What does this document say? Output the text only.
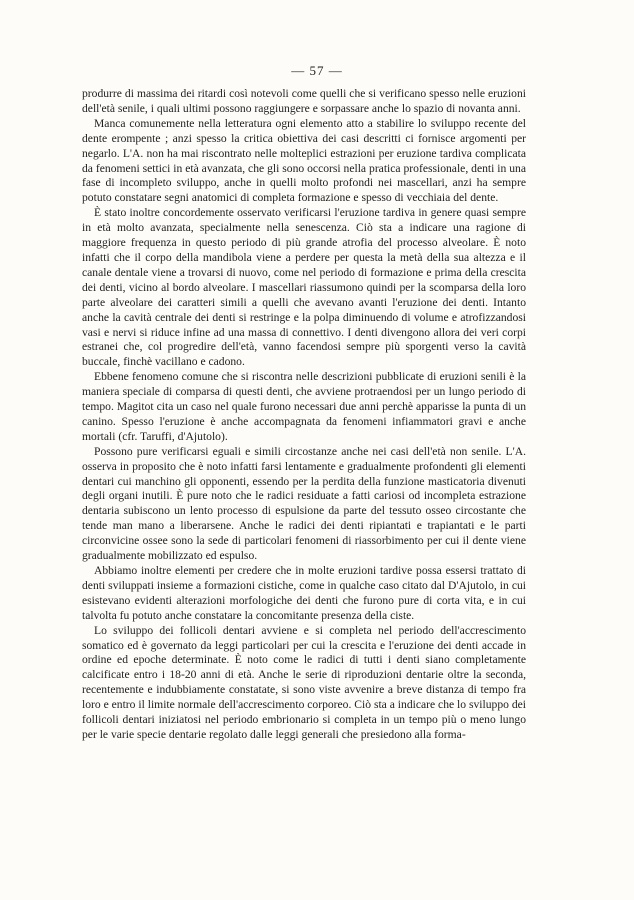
— 57 —

produrre di massima dei ritardi così notevoli come quelli che si verificano spesso nelle eruzioni dell'età senile, i quali ultimi possono raggiungere e sorpassare anche lo spazio di novanta anni.

Manca comunemente nella letteratura ogni elemento atto a stabilire lo sviluppo recente del dente erompente ; anzi spesso la critica obiettiva dei casi descritti ci fornisce argomenti per negarlo. L'A. non ha mai riscontrato nelle molteplici estrazioni per eruzione tardiva complicata da fenomeni settici in età avanzata, che gli sono occorsi nella pratica professionale, denti in una fase di incompleto sviluppo, anche in quelli molto profondi nei mascellari, anzi ha sempre potuto constatare segni anatomici di completa formazione e spesso di vecchiaia del dente.

È stato inoltre concordemente osservato verificarsi l'eruzione tardiva in genere quasi sempre in età molto avanzata, specialmente nella senescenza. Ciò sta a indicare una ragione di maggiore frequenza in questo periodo di più grande atrofia del processo alveolare. È noto infatti che il corpo della mandibola viene a perdere per questa la metà della sua altezza e il canale dentale viene a trovarsi di nuovo, come nel periodo di formazione e prima della crescita dei denti, vicino al bordo alveolare. I mascellari riassumono quindi per la scomparsa della loro parte alveolare dei caratteri simili a quelli che avevano avanti l'eruzione dei denti. Intanto anche la cavità centrale dei denti si restringe e la polpa diminuendo di volume e atrofizzandosi vasi e nervi si riduce infine ad una massa di connettivo. I denti divengono allora dei veri corpi estranei che, col progredire dell'età, vanno facendosi sempre più sporgenti verso la cavità buccale, finchè vacillano e cadono.

Ebbene fenomeno comune che si riscontra nelle descrizioni pubblicate di eruzioni senili è la maniera speciale di comparsa di questi denti, che avviene protraendosi per un lungo periodo di tempo. Magitot cita un caso nel quale furono necessari due anni perchè apparisse la punta di un canino. Spesso l'eruzione è anche accompagnata da fenomeni infiammatori gravi e anche mortali (cfr. Taruffi, d'Ajutolo).

Possono pure verificarsi eguali e simili circostanze anche nei casi dell'età non senile. L'A. osserva in proposito che è noto infatti farsi lentamente e gradualmente profondenti gli elementi dentari cui manchino gli opponenti, essendo per la perdita della funzione masticatoria divenuti degli organi inutili. È pure noto che le radici residuate a fatti cariosi od incompleta estrazione dentaria subiscono un lento processo di espulsione da parte del tessuto osseo circostante che tende man mano a liberarsene. Anche le radici dei denti ripiantati e trapiantati e le parti circonvicine ossee sono la sede di particolari fenomeni di riassorbimento per cui il dente viene gradualmente mobilizzato ed espulso.

Abbiamo inoltre elementi per credere che in molte eruzioni tardive possa essersi trattato di denti sviluppati insieme a formazioni cistiche, come in qualche caso citato dal D'Ajutolo, in cui esistevano evidenti alterazioni morfologiche dei denti che furono pure di corta vita, e in cui talvolta fu potuto anche constatare la concomitante presenza della ciste.

Lo sviluppo dei follicoli dentari avviene e si completa nel periodo dell'accrescimento somatico ed è governato da leggi particolari per cui la crescita e l'eruzione dei denti accade in ordine ed epoche determinate. È noto come le radici di tutti i denti siano completamente calcificate entro i 18-20 anni di età. Anche le serie di riproduzioni dentarie oltre la seconda, recentemente e indubbiamente constatate, si sono viste avvenire a breve distanza di tempo fra loro e entro il limite normale dell'accrescimento corporeo. Ciò sta a indicare che lo sviluppo dei follicoli dentari iniziatosi nel periodo embrionario si completa in un tempo più o meno lungo per le varie specie dentarie regolato dalle leggi generali che presiedono alla forma-
